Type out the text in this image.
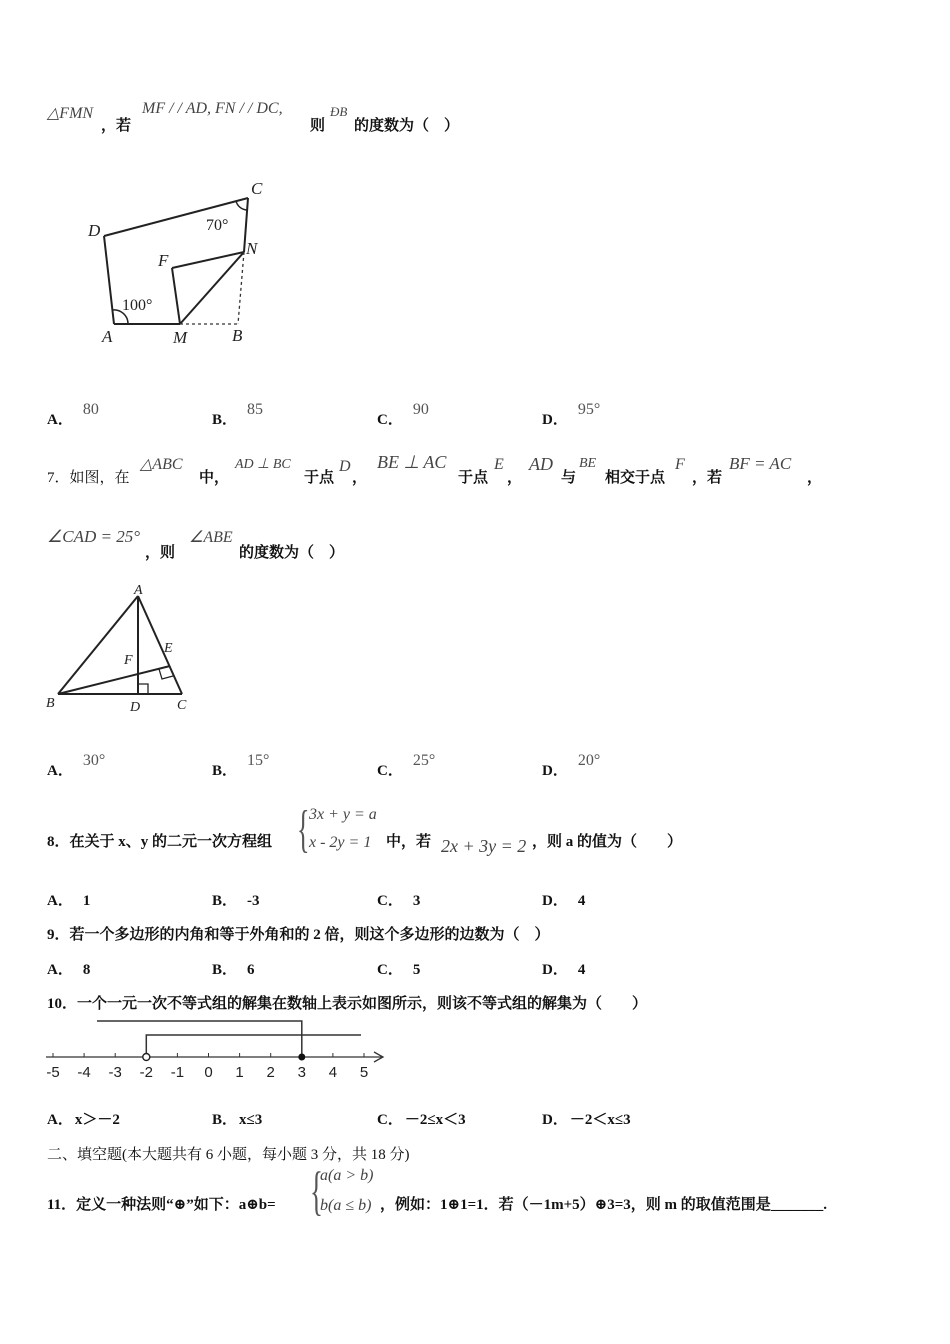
△FMN
，若
MF / / AD, FN / / DC,
则
ÐB
的度数为（　）
D
C
N
F
A	M	B
70°
100°
A．80
B．85
C．90
D．95°
7．如图，在
△ABC
中，
AD ⊥ BC
于点
D
，
BE ⊥ AC
于点
E
，
AD
与
BE
相交于点
F
，若
BF = AC
，
∠CAD = 25°
，则
∠ABE
的度数为（　）
A
B	D	C
E
F
A．30°
B．15°
C．25°
D．20°
8．在关于 x、y 的二元一次方程组 { 3x + y = a
x - 2y = 1 中，若 2x + 3y = 2 ，则 a 的值为（　　）
A． 1	B． -3	C． 3	D． 4
9．若一个多边形的内角和等于外角和的 2 倍，则这个多边形的边数为（　）
A． 8	B． 6	C． 5	D． 4
10．一个一元一次不等式组的解集在数轴上表示如图所示，则该不等式组的解集为（　　）
-5 -4 -3 -2 -1 0 1 2 3 4 5
A． x＞－2	B． x≤3	C． －2≤x＜3	D． －2＜x≤3
二、填空题(本大题共有 6 小题，每小题 3 分，共 18 分)
11．定义一种法则“⊕”如下：a⊕b= {
a(a > b)
b(a ≤ b) ，例如：1⊕1=1．若（－1m+5）⊕3=3，则 m 的取值范围是_______.
